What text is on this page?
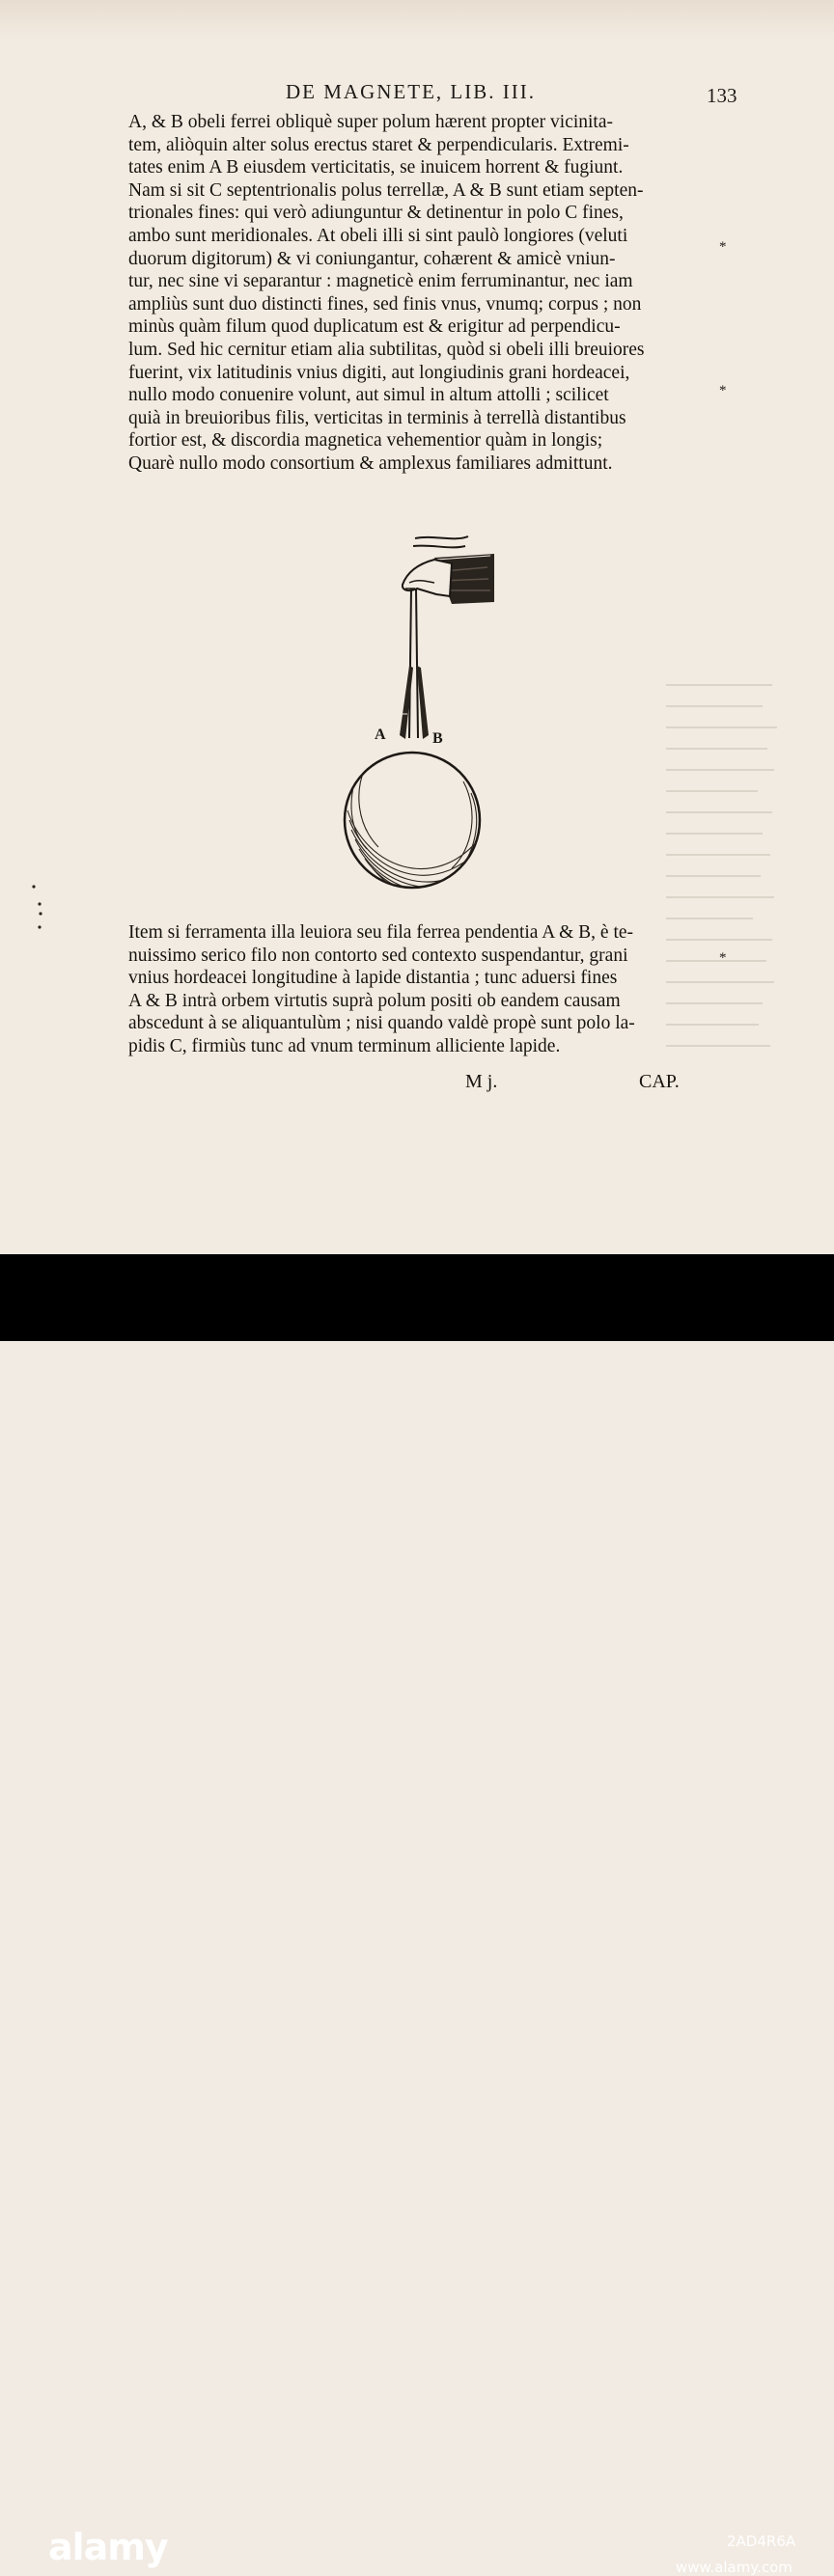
DE MAGNETE, LIB. III.	133
A, & B obeli ferrei obliquè super polum hærent propter vicinita-
tem, aliòquin alter solus erectus staret & perpendicularis. Extremi-
tates enim A B eiusdem verticitatis, se inuicem horrent & fugiunt.
Nam si sit C septentrionalis polus terrellæ, A & B sunt etiam septen-
trionales fines: qui verò adiunguntur & detinentur in polo C fines,
ambo sunt meridionales. At obeli illi si sint paulò longiores (veluti
duorum digitorum) & vi coniungantur, cohærent & amicè vniun-
tur, nec sine vi separantur : magneticè enim ferruminantur, nec iam
ampliùs sunt duo distincti fines, sed finis vnus, vnumq; corpus ; non
minùs quàm filum quod duplicatum est & erigitur ad perpendicu-
lum. Sed hic cernitur etiam alia subtilitas, quòd si obeli illi breuiores
fuerint, vix latitudinis vnius digiti, aut longiudinis grani hordeacei,
nullo modo conuenire volunt, aut simul in altum attolli ; scilicet
quià in breuioribus filis, verticitas in terminis à terrellà distantibus
fortior est, & discordia magnetica vehementior quàm in longis;
Quarè nullo modo consortium & amplexus familiares admittunt.
*
*
*
A	B
Item si ferramenta illa leuiora seu fila ferrea pendentia A & B, è te-
nuissimo serico filo non contorto sed contexto suspendantur, grani
vnius hordeacei longitudine à lapide distantia ; tunc aduersi fines
A & B intrà orbem virtutis suprà polum positi ob eandem causam
abscedunt à se aliquantulùm ; nisi quando valdè propè sunt polo la-
pidis C, firmiùs tunc ad vnum terminum alliciente lapide.
M j.	CAP.
alamy	2AD4R6A
www.alamy.com
